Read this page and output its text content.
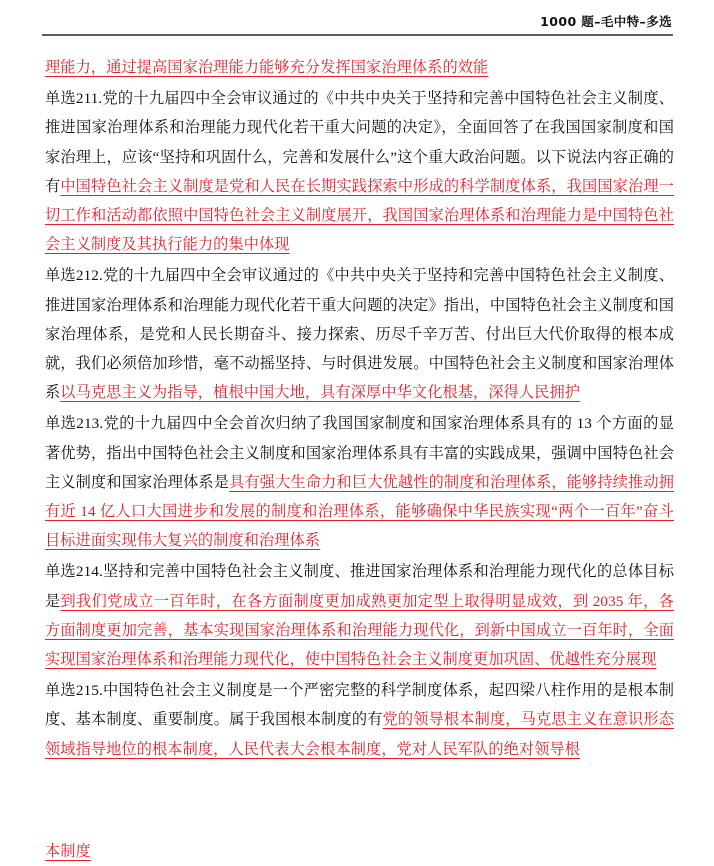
1000 题–毛中特–多选
理能力，通过提高国家治理能力能够充分发挥国家治理体系的效能
单选211.党的十九届四中全会审议通过的《中共中央关于坚持和完善中国特色社会主义制度、推进国家治理体系和治理能力现代化若干重大问题的决定》，全面回答了在我国国家制度和国家治理上，应该“坚持和巩固什么，完善和发展什么”这个重大政治问题。以下说法内容正确的有中国特色社会主义制度是党和人民在长期实践探索中形成的科学制度体系，我国国家治理一切工作和活动都依照中国特色社会主义制度展开，我国国家治理体系和治理能力是中国特色社会主义制度及其执行能力的集中体现
单选212.党的十九届四中全会审议通过的《中共中央关于坚持和完善中国特色社会主义制度、推进国家治理体系和治理能力现代化若干重大问题的决定》指出，中国特色社会主义制度和国家治理体系，是党和人民长期奋斗、接力探索、历尽千辛万苦、付出巨大代价取得的根本成就，我们必须倍加珍惜，毫不动摇坚持、与时俱进发展。中国特色社会主义制度和国家治理体系以马克思主义为指导，植根中国大地，具有深厚中华文化根基，深得人民拥护
单选213.党的十九届四中全会首次归纳了我国国家制度和国家治理体系具有的 13 个方面的显著优势，指出中国特色社会主义制度和国家治理体系具有丰富的实践成果，强调中国特色社会主义制度和国家治理体系是具有强大生命力和巨大优越性的制度和治理体系，能够持续推动拥有近 14 亿人口大国进步和发展的制度和治理体系，能够确保中华民族实现“两个一百年”奋斗目标进面实现伟大复兴的制度和治理体系
单选214.坚持和完善中国特色社会主义制度、推进国家治理体系和治理能力现代化的总体目标是到我们党成立一百年时，在各方面制度更加成熟更加定型上取得明显成效，到 2035 年，各方面制度更加完善，基本实现国家治理体系和治理能力现代化，到新中国成立一百年时，全面实现国家治理体系和治理能力现代化，使中国特色社会主义制度更加巩固、优越性充分展现
单选215.中国特色社会主义制度是一个严密完整的科学制度体系，起四梁八柱作用的是根本制度、基本制度、重要制度。属于我国根本制度的有党的领导根本制度，马克思主义在意识形态领域指导地位的根本制度，人民代表大会根本制度，党对人民军队的绝对领导根
本制度
